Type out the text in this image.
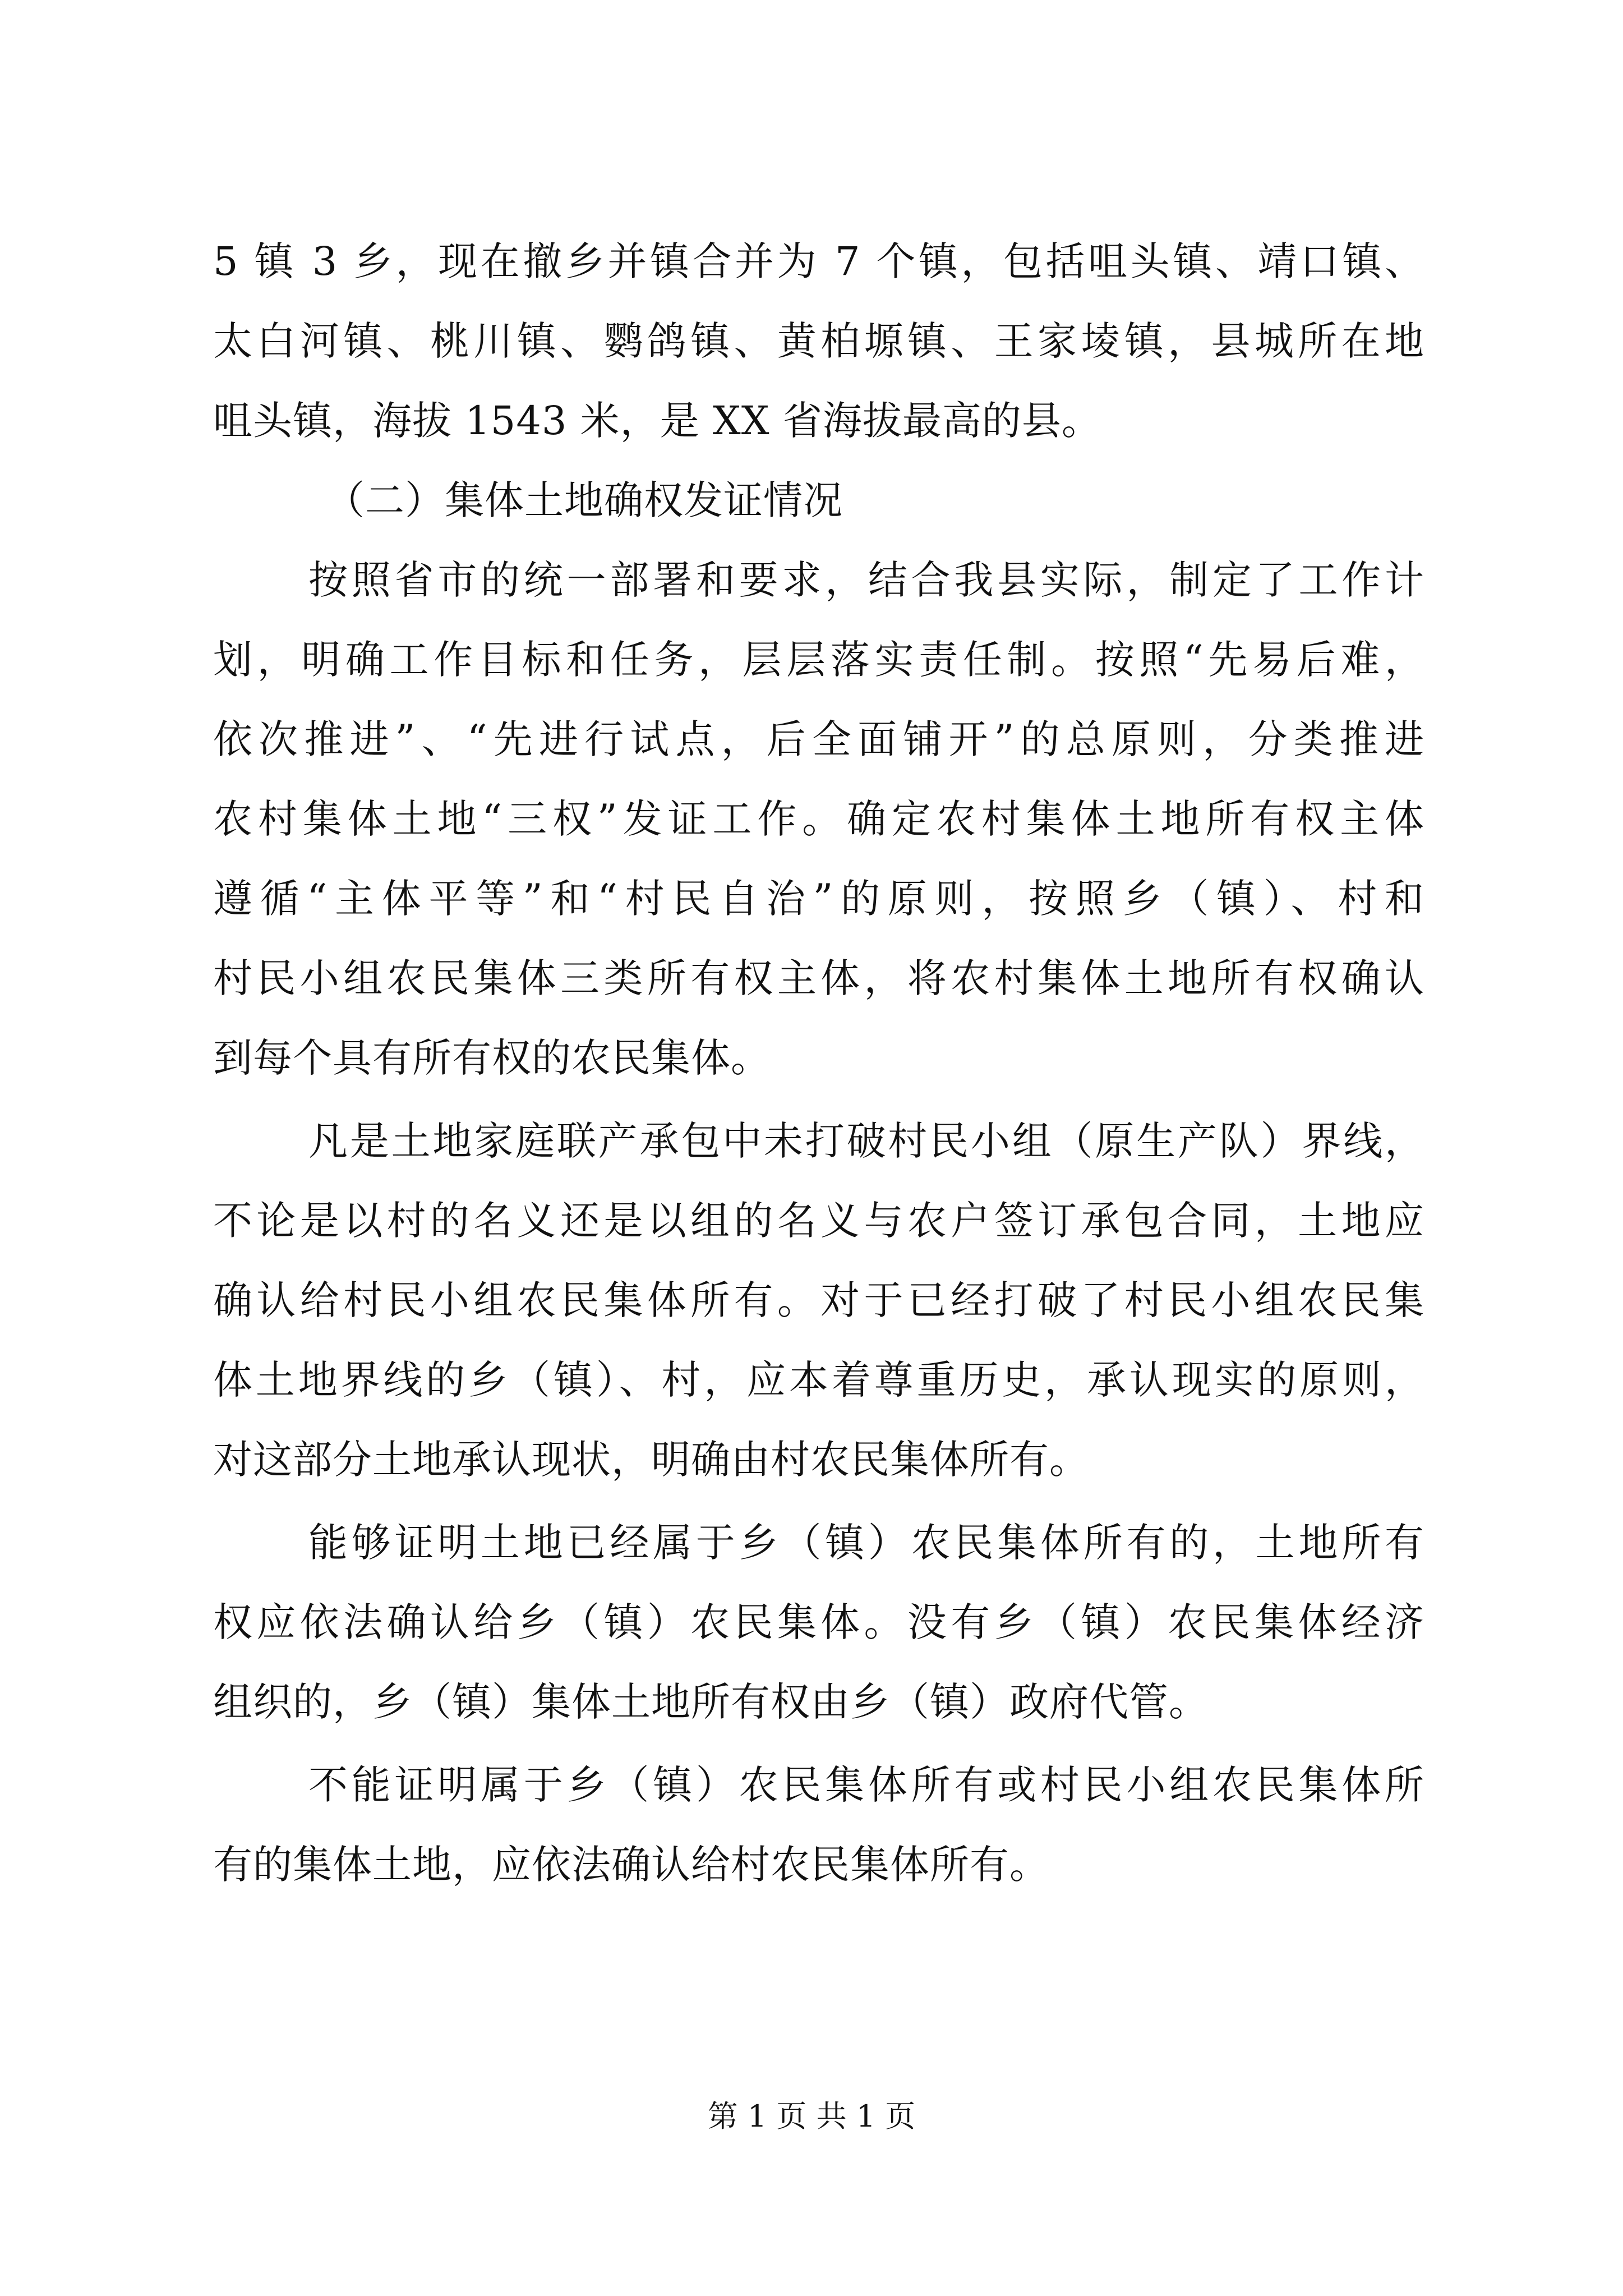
5 镇 3 乡，现在撤乡并镇合并为 7 个镇，包括咀头镇、靖口镇、
太白河镇、桃川镇、鹦鸽镇、黄柏塬镇、王家堎镇，县城所在地
咀头镇，海拔 1543 米，是 XX 省海拔最高的县。
（二）集体土地确权发证情况
按照省市的统一部署和要求，结合我县实际，制定了工作计
划，明确工作目标和任务，层层落实责任制。按照“先易后难，
依次推进”、“先进行试点，后全面铺开”的总原则，分类推进
农村集体土地“三权”发证工作。确定农村集体土地所有权主体
遵循“主体平等”和“村民自治”的原则，按照乡（镇）、村和
村民小组农民集体三类所有权主体，将农村集体土地所有权确认
到每个具有所有权的农民集体。
凡是土地家庭联产承包中未打破村民小组（原生产队）界线，
不论是以村的名义还是以组的名义与农户签订承包合同，土地应
确认给村民小组农民集体所有。对于已经打破了村民小组农民集
体土地界线的乡（镇）、村，应本着尊重历史，承认现实的原则，
对这部分土地承认现状，明确由村农民集体所有。
能够证明土地已经属于乡（镇）农民集体所有的，土地所有
权应依法确认给乡（镇）农民集体。没有乡（镇）农民集体经济
组织的，乡（镇）集体土地所有权由乡（镇）政府代管。
不能证明属于乡（镇）农民集体所有或村民小组农民集体所
有的集体土地，应依法确认给村农民集体所有。
第 1 页 共 1 页
